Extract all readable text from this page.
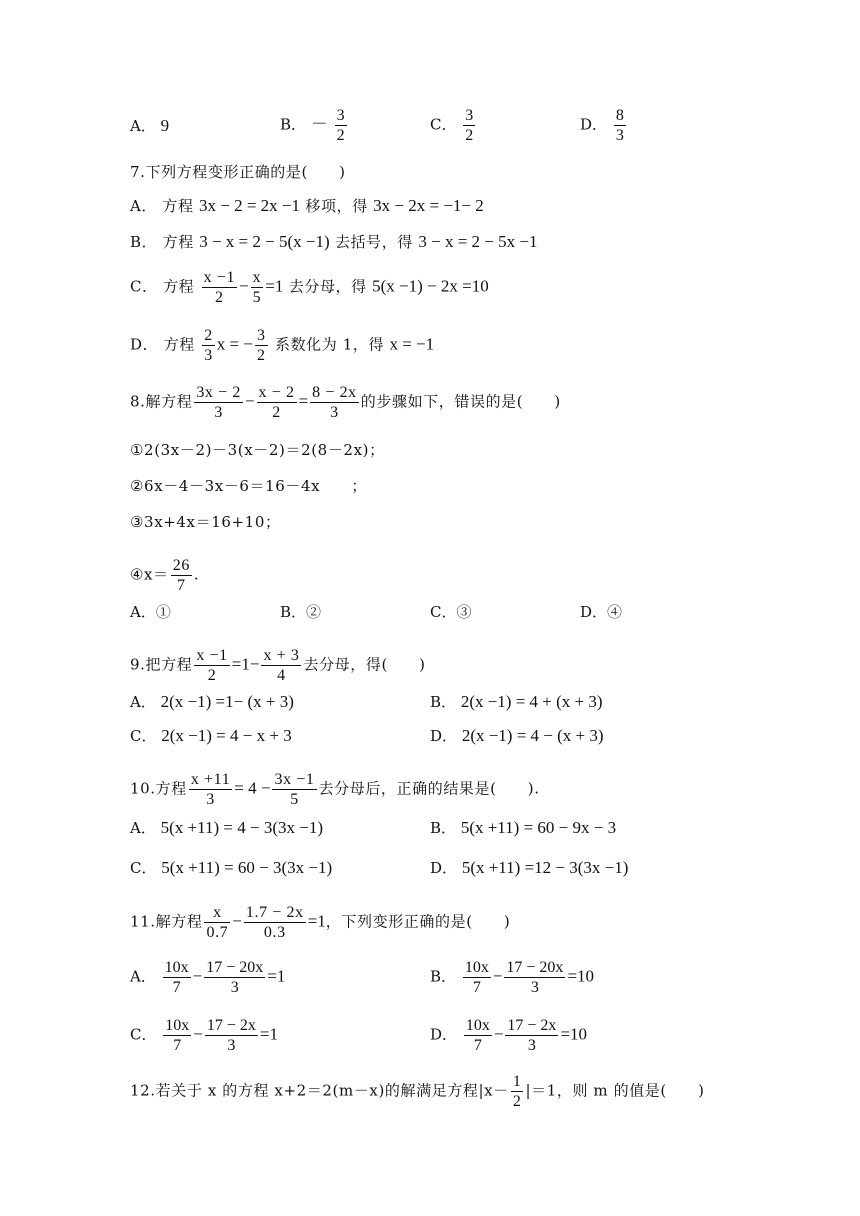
A． 9	B． － $\frac{3}{2}$	C． $\frac{3}{2}$	D． $\frac{8}{3}$
7.下列方程变形正确的是(　　)
A． 方程 3x − 2 = 2x −1 移项，得 3x − 2x = −1− 2
B． 方程 3 − x = 2 − 5(x −1) 去括号，得 3 − x = 2 − 5x −1
C． 方程 $\frac{x -1}{2} - \frac{x}{5} =1$ 去分母，得 5(x −1) − 2x =10
D． 方程 $\frac{2}{3}$ x = − $\frac{3}{2}$ 系数化为 1，得 x = −1
8.解方程 $\frac{3x - 2}{3} - \frac{x - 2}{2} = \frac{8 - 2x}{3}$ 的步骤如下，错误的是(　　)
①2(3x－2)－3(x－2)＝2(8－2x)；
②6x－4－3x－6＝16－4x　　；
③3x+4x＝16+10；
④x＝ $\frac{26}{7}$ .
A．①	B．②	C．③	D．④
9.把方程 $\frac{x -1}{2} =1- \frac{x + 3}{4}$ 去分母，得(　　)
A． 2(x −1) =1− (x + 3)	B． 2(x −1) = 4 + (x + 3)
C． 2(x −1) = 4 − x + 3	D． 2(x −1) = 4 − (x + 3)
10.方程 $\frac{x +11}{3} = 4 - \frac{3x -1}{5}$ 去分母后，正确的结果是(　　).
A． 5(x +11) = 4 − 3(3x −1)	B． 5(x +11) = 60 − 9x − 3
C． 5(x +11) = 60 − 3(3x −1)	D． 5(x +11) =12 − 3(3x −1)
11.解方程 $\frac{x}{0.7} - \frac{1.7 - 2x}{0.3} =1$，下列变形正确的是(　　)
A． $\frac{10x}{7} - \frac{17 - 20x}{3} =1$	B． $\frac{10x}{7} - \frac{17 - 20x}{3} =10$
C． $\frac{10x}{7} - \frac{17 - 2x}{3} =1$	D． $\frac{10x}{7} - \frac{17 - 2x}{3} =10$
12.若关于 x 的方程 x+2＝2(m－x)的解满足方程$|x- \frac{1}{2} |=1$，则 m 的值是(　　)
